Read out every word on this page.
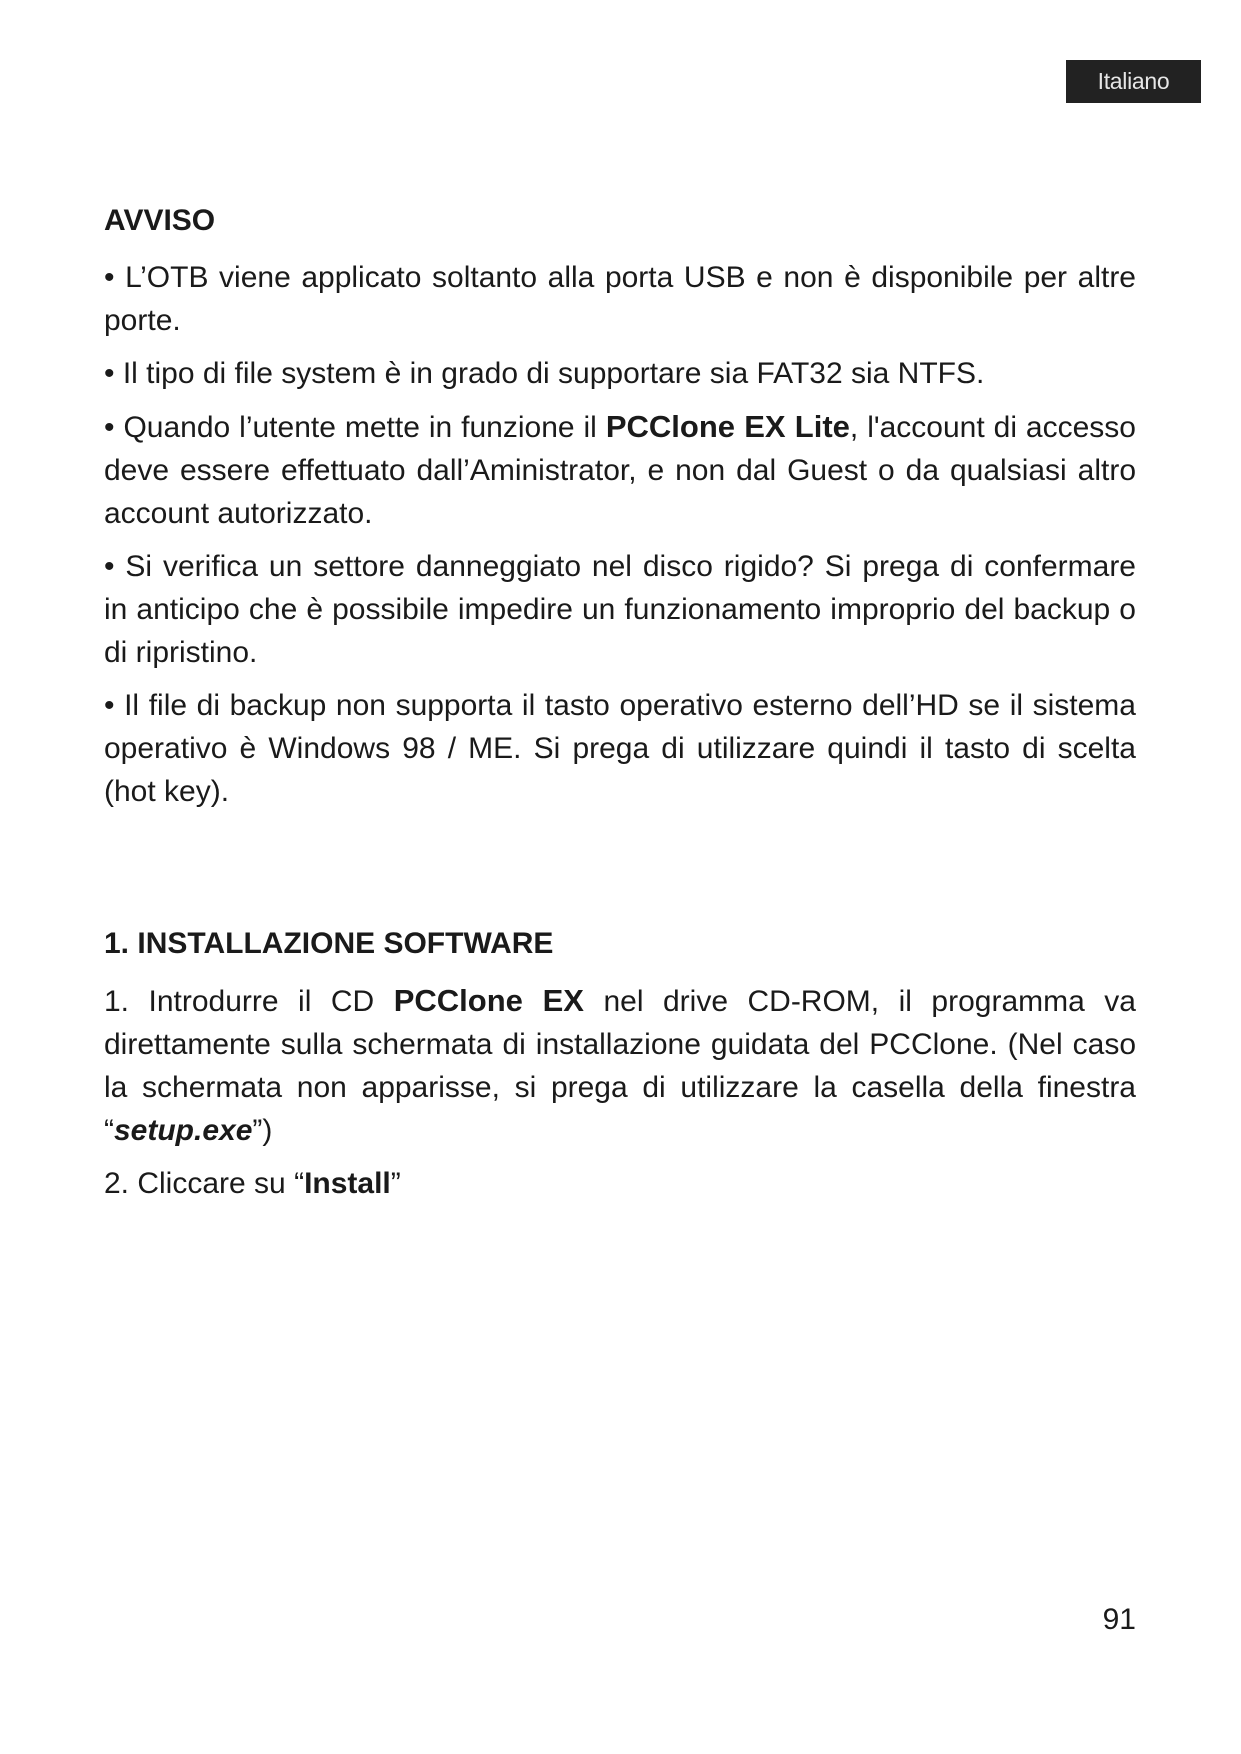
Italiano
AVVISO

• L’OTB viene applicato soltanto alla porta USB e non è disponibile per altre porte.

• Il tipo di file system è in grado di supportare sia FAT32 sia NTFS.

• Quando l’utente mette in funzione il PCClone EX Lite, l'account di accesso deve essere effettuato dall’Aministrator, e non dal Guest o da qualsiasi altro account autorizzato.

• Si verifica un settore danneggiato nel disco rigido? Si prega di confermare in anticipo che è possibile impedire un funzionamento improprio del backup o di ripristino.

• Il file di backup non supporta il tasto operativo esterno dell’HD se il sistema operativo è Windows 98 / ME. Si prega di utilizzare quindi il tasto di scelta (hot key).

1. INSTALLAZIONE SOFTWARE

1. Introdurre il CD PCClone EX nel drive CD-ROM, il programma va direttamente sulla schermata di installazione guidata del PCClone. (Nel caso la schermata non apparisse, si prega di utilizzare la casella della finestra “setup.exe”)

2. Cliccare su “Install”

91
